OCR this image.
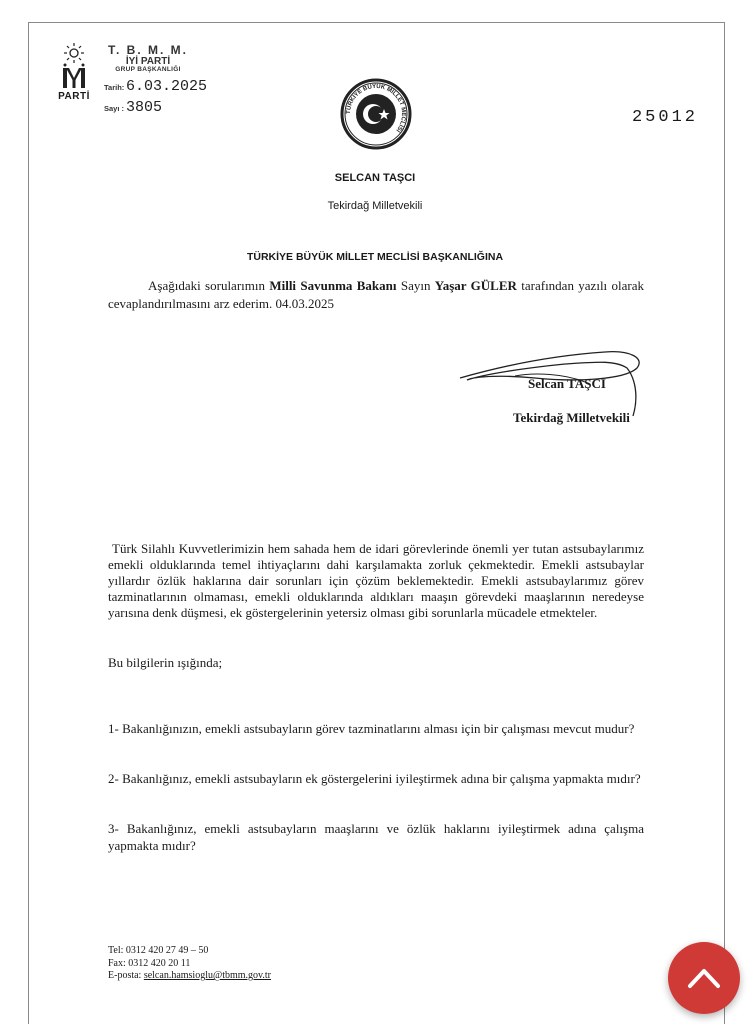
PARTİ
T. B. M. M.
İYİ PARTİ
GRUP BAŞKANLIĞI
Tarih: 6.03.2025
Sayı : 3805	TÜRKİYE BÜYÜK MİLLET MECLİSİ
25012
SELCAN TAŞCI
Tekirdağ Milletvekili
TÜRKİYE BÜYÜK MİLLET MECLİSİ BAŞKANLIĞINA

Aşağıdaki sorularımın Milli Savunma Bakanı Sayın Yaşar GÜLER tarafından yazılı olarak cevaplandırılmasını arz ederim. 04.03.2025

Selcan TAŞCI
Tekirdağ Milletvekili

Türk Silahlı Kuvvetlerimizin hem sahada hem de idari görevlerinde önemli yer tutan astsubaylarımız emekli olduklarında temel ihtiyaçlarını dahi karşılamakta zorluk çekmektedir. Emekli astsubaylar yıllardır özlük haklarına dair sorunları için çözüm beklemektedir. Emekli astsubaylarımız görev tazminatlarının olmaması, emekli olduklarında aldıkları maaşın görevdeki maaşlarının neredeyse yarısına denk düşmesi, ek göstergelerinin yetersiz olması gibi sorunlarla mücadele etmekteler.

Bu bilgilerin ışığında;

1- Bakanlığınızın, emekli astsubayların görev tazminatlarını alması için bir çalışması mevcut mudur?

2- Bakanlığınız, emekli astsubayların ek göstergelerini iyileştirmek adına bir çalışma yapmakta mıdır?

3- Bakanlığınız, emekli astsubayların maaşlarını ve özlük haklarını iyileştirmek adına çalışma yapmakta mıdır?

Tel: 0312 420 27 49 – 50
Fax: 0312 420 20 11
E-posta: selcan.hamsioglu@tbmm.gov.tr
